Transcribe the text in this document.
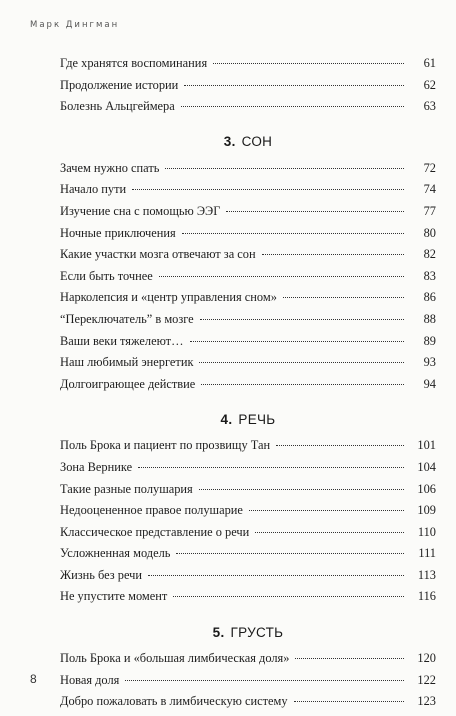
Марк Дингман
Где хранятся воспоминания	61
Продолжение истории	62
Болезнь Альцгеймера	63
3. СОН
Зачем нужно спать	72
Начало пути	74
Изучение сна с помощью ЭЭГ	77
Ночные приключения	80
Какие участки мозга отвечают за сон	82
Если быть точнее	83
Нарколепсия и «центр управления сном»	86
“Переключатель” в мозге	88
Ваши веки тяжелеют…	89
Наш любимый энергетик	93
Долгоиграющее действие	94
4. РЕЧЬ
Поль Брока и пациент по прозвищу Тан	101
Зона Вернике	104
Такие разные полушария	106
Недооцененное правое полушарие	109
Классическое представление о речи	110
Усложненная модель	111
Жизнь без речи	113
Не упустите момент	116
5. ГРУСТЬ
Поль Брока и «большая лимбическая доля»	120
Новая доля	122
Добро пожаловать в лимбическую систему	123
8
